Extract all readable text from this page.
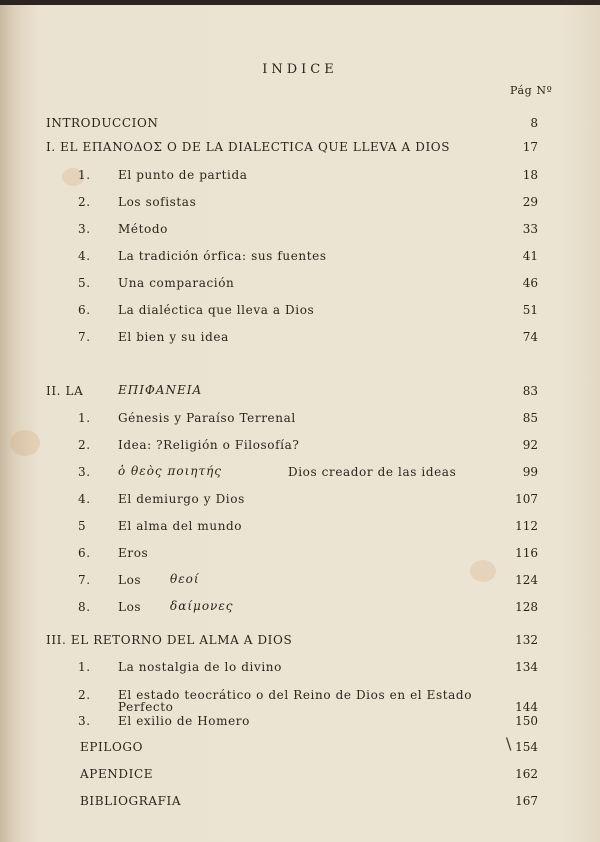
INDICE
Pág Nº
INTRODUCCION	8
I. EL ΕΠΑΝΟΔΟΣ O DE LA DIALECTICA QUE LLEVA A DIOS	17
1. El punto de partida	18
2. Los sofistas	29
3. Método	33
4. La tradición órfica: sus fuentes	41
5. Una comparación	46
6. La dialéctica que lleva a Dios	51
7. El bien y su idea	74
II. LA	ΕΠΙΦΑΝΕΙΑ	83
1. Génesis y Paraíso Terrenal	85
2. Idea: ?Religión o Filosofía?	92
3. ὁ θεὸς ποιητής	Dios creador de las ideas	99
4. El demiurgo y Dios	107
5	El alma del mundo	112
6. Eros	116
7. Los θεοί	124
8. Los δαίμονες	128
III. EL RETORNO DEL ALMA A DIOS	132
1. La nostalgia de lo divino	134
2. El estado teocrático o del Reino de Dios en el Estado
Perfecto	144
3. El exilio de Homero	150
EPILOGO	\ 154
APENDICE	162
BIBLIOGRAFIA	167
